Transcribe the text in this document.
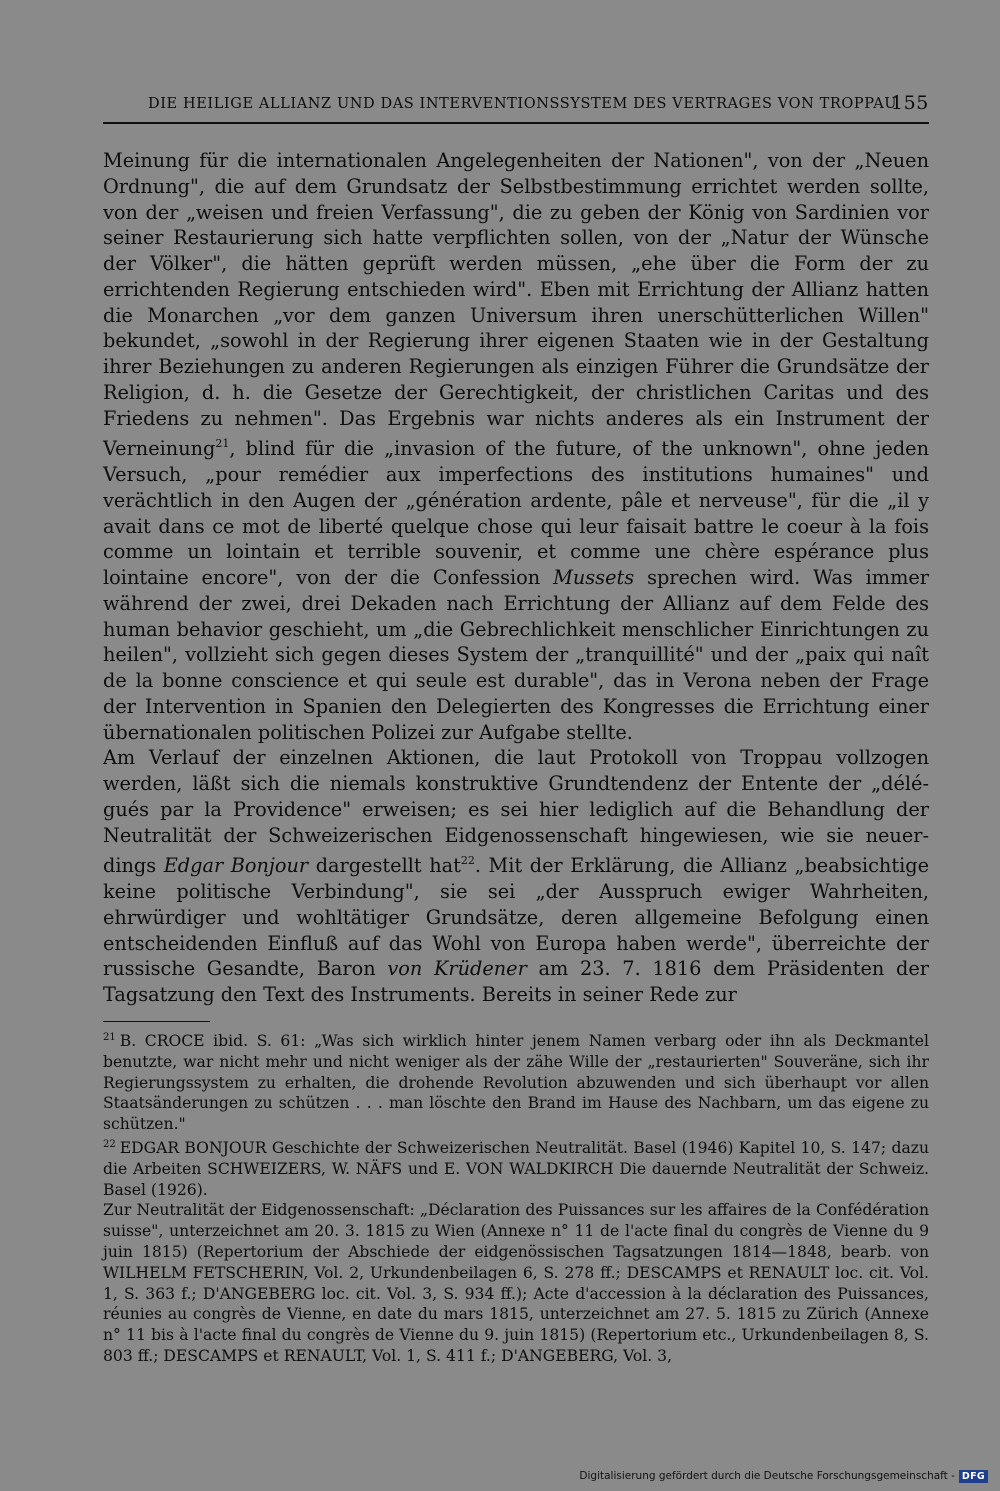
DIE HEILIGE ALLIANZ UND DAS INTERVENTIONSSYSTEM DES VERTRAGES VON TROPPAU
155

Meinung für die internationalen Angelegenheiten der Nationen", von der „Neuen Ordnung", die auf dem Grundsatz der Selbstbestimmung errichtet werden sollte, von der „weisen und freien Verfassung", die zu geben der König von Sardinien vor seiner Restaurierung sich hatte verpflichten sollen, von der „Natur der Wünsche der Völker", die hätten geprüft werden müssen, „ehe über die Form der zu errichtenden Regierung entschieden wird". Eben mit Errichtung der Allianz hatten die Monarchen „vor dem ganzen Universum ihren unerschütterlichen Willen" bekundet, „sowohl in der Regierung ihrer eigenen Staaten wie in der Gestaltung ihrer Beziehungen zu anderen Regierungen als einzigen Führer die Grundsätze der Religion, d. h. die Gesetze der Gerechtigkeit, der christlichen Caritas und des Friedens zu nehmen". Das Ergebnis war nichts anderes als ein Instrument der Verneinung$^{21}$, blind für die „invasion of the future, of the unknown", ohne jeden Versuch, „pour remédier aux imperfections des institutions humaines" und verächtlich in den Augen der „génération ardente, pâle et nerveuse", für die „il y avait dans ce mot de liberté quelque chose qui leur faisait battre le coeur à la fois comme un lointain et terrible souvenir, et comme une chère espérance plus lointaine encore", von der die Confession Mussets sprechen wird. Was immer während der zwei, drei Dekaden nach Errichtung der Allianz auf dem Felde des human behavior geschieht, um „die Gebrechlichkeit menschlicher Einrichtungen zu heilen", vollzieht sich gegen dieses System der „tranquillité" und der „paix qui naît de la bonne conscience et qui seule est durable", das in Verona neben der Frage der Intervention in Spanien den Delegierten des Kongresses die Errichtung einer übernationalen politischen Polizei zur Aufgabe stellte.

Am Verlauf der einzelnen Aktionen, die laut Protokoll von Troppau vollzogen werden, läßt sich die niemals konstruktive Grundtendenz der Entente der „délégués par la Providence" erweisen; es sei hier lediglich auf die Behandlung der Neutralität der Schweizerischen Eidgenossenschaft hingewiesen, wie sie neuerdings Edgar Bonjour dargestellt hat$^{22}$. Mit der Erklärung, die Allianz „beabsichtige keine politische Verbindung", sie sei „der Ausspruch ewiger Wahrheiten, ehrwürdiger und wohltätiger Grundsätze, deren allgemeine Befolgung einen entscheidenden Einfluß auf das Wohl von Europa haben werde", überreichte der russische Gesandte, Baron von Krüdener am 23. 7. 1816 dem Präsidenten der Tagsatzung den Text des Instruments. Bereits in seiner Rede zur

$^{21}$ B. CROCE ibid. S. 61: „Was sich wirklich hinter jenem Namen verbarg oder ihn als Deckmantel benutzte, war nicht mehr und nicht weniger als der zähe Wille der „restaurierten" Souveräne, sich ihr Regierungssystem zu erhalten, die drohende Revolution abzuwenden und sich überhaupt vor allen Staatsänderungen zu schützen . . . man löschte den Brand im Hause des Nachbarn, um das eigene zu schützen."

$^{22}$ EDGAR BONJOUR Geschichte der Schweizerischen Neutralität. Basel (1946) Kapitel 10, S. 147; dazu die Arbeiten SCHWEIZERS, W. NÄFS und E. VON WALDKIRCH Die dauernde Neutralität der Schweiz. Basel (1926).

Zur Neutralität der Eidgenossenschaft: „Déclaration des Puissances sur les affaires de la Confédération suisse", unterzeichnet am 20. 3. 1815 zu Wien (Annexe n° 11 de l'acte final du congrès de Vienne du 9 juin 1815) (Repertorium der Abschiede der eidgenössischen Tagsatzungen 1814—1848, bearb. von WILHELM FETSCHERIN, Vol. 2, Urkundenbeilagen 6, S. 278 ff.; DESCAMPS et RENAULT loc. cit. Vol. 1, S. 363 f.; D'ANGEBERG loc. cit. Vol. 3, S. 934 ff.); Acte d'accession à la déclaration des Puissances, réunies au congrès de Vienne, en date du mars 1815, unterzeichnet am 27. 5. 1815 zu Zürich (Annexe n° 11 bis à l'acte final du congrès de Vienne du 9. juin 1815) (Repertorium etc., Urkundenbeilagen 8, S. 803 ff.; DESCAMPS et RENAULT, Vol. 1, S. 411 f.; D'ANGEBERG, Vol. 3,

Digitalisierung gefördert durch die Deutsche Forschungsgemeinschaft - DFG
